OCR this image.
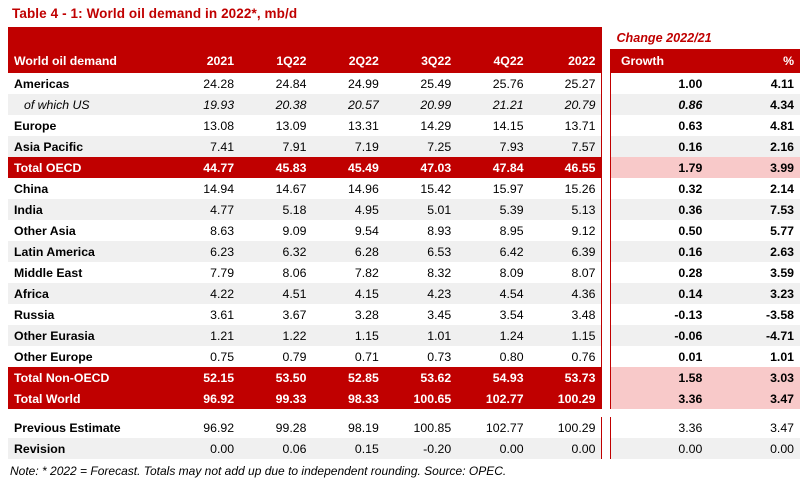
Table 4 - 1: World oil demand in 2022*, mb/d
								Change 2022/21	
World oil demand	2021	1Q22	2Q22	3Q22	4Q22	2022		Growth	%
Americas	24.28	24.84	24.99	25.49	25.76	25.27		1.00	4.11
of which US	19.93	20.38	20.57	20.99	21.21	20.79		0.86	4.34
Europe	13.08	13.09	13.31	14.29	14.15	13.71		0.63	4.81
Asia Pacific	7.41	7.91	7.19	7.25	7.93	7.57		0.16	2.16
Total OECD	44.77	45.83	45.49	47.03	47.84	46.55		1.79	3.99
China	14.94	14.67	14.96	15.42	15.97	15.26		0.32	2.14
India	4.77	5.18	4.95	5.01	5.39	5.13		0.36	7.53
Other Asia	8.63	9.09	9.54	8.93	8.95	9.12		0.50	5.77
Latin America	6.23	6.32	6.28	6.53	6.42	6.39		0.16	2.63
Middle East	7.79	8.06	7.82	8.32	8.09	8.07		0.28	3.59
Africa	4.22	4.51	4.15	4.23	4.54	4.36		0.14	3.23
Russia	3.61	3.67	3.28	3.45	3.54	3.48		-0.13	-3.58
Other Eurasia	1.21	1.22	1.15	1.01	1.24	1.15		-0.06	-4.71
Other Europe	0.75	0.79	0.71	0.73	0.80	0.76		0.01	1.01
Total Non-OECD	52.15	53.50	52.85	53.62	54.93	53.73		1.58	3.03
Total World	96.92	99.33	98.33	100.65	102.77	100.29		3.36	3.47

Previous Estimate	96.92	99.28	98.19	100.85	102.77	100.29		3.36	3.47
Revision	0.00	0.06	0.15	-0.20	0.00	0.00		0.00	0.00
Note: * 2022 = Forecast. Totals may not add up due to independent rounding. Source: OPEC.
